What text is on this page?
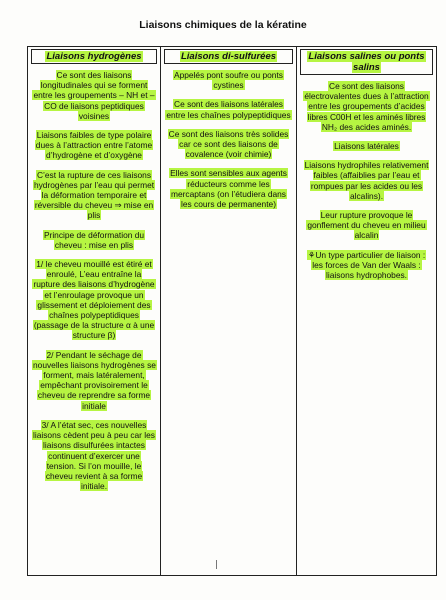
Liaisons chimiques de la kératine
Liaisons hydrogènes

Ce sont des liaisons longitudinales qui se forment entre les groupements – NH et – CO de liaisons peptidiques voisines

Liaisons faibles de type polaire dues à l’attraction entre l’atome d’hydrogène et d’oxygène

C’est la rupture de ces liaisons hydrogènes par l’eau qui permet la déformation temporaire et réversible du cheveu ⇒ mise en plis

Principe de déformation du cheveu : mise en plis

1/ le cheveu mouillé est étiré et enroulé, L’eau entraîne la rupture des liaisons d’hydrogène et l’enroulage provoque un glissement et déploiement des chaînes polypeptidiques (passage de la structure α à une structure β)

2/ Pendant le séchage de nouvelles liaisons hydrogènes se forment, mais latéralement, empêchant provisoirement le cheveu de reprendre sa forme initiale

3/ A l’état sec, ces nouvelles liaisons cèdent peu à peu car les liaisons disulfurées intactes continuent d’exercer une tension. Si l’on mouille, le cheveu revient à sa forme initiale.

Liaisons di-sulfurées

Appelés pont soufre ou ponts cystines

Ce sont des liaisons latérales entre les chaînes polypeptidiques

Ce sont des liaisons très solides car ce sont des liaisons de covalence (voir chimie)

Elles sont sensibles aux agents réducteurs comme les mercaptans (on l’étudiera dans les cours de permanente)

Liaisons salines ou ponts salins

Ce sont des liaisons électrovalentes dues à l’attraction entre les groupements d’acides libres C00H et les aminés libres NH₂ des acides aminés.

Liaisons latérales

Liaisons hydrophiles relativement faibles (affaiblies par l’eau et rompues par les acides ou les alcalins).

Leur rupture provoque le gonflement du cheveu en milieu alcalin

⚘Un type particulier de liaison : les forces de Van der Waals : liaisons hydrophobes.
